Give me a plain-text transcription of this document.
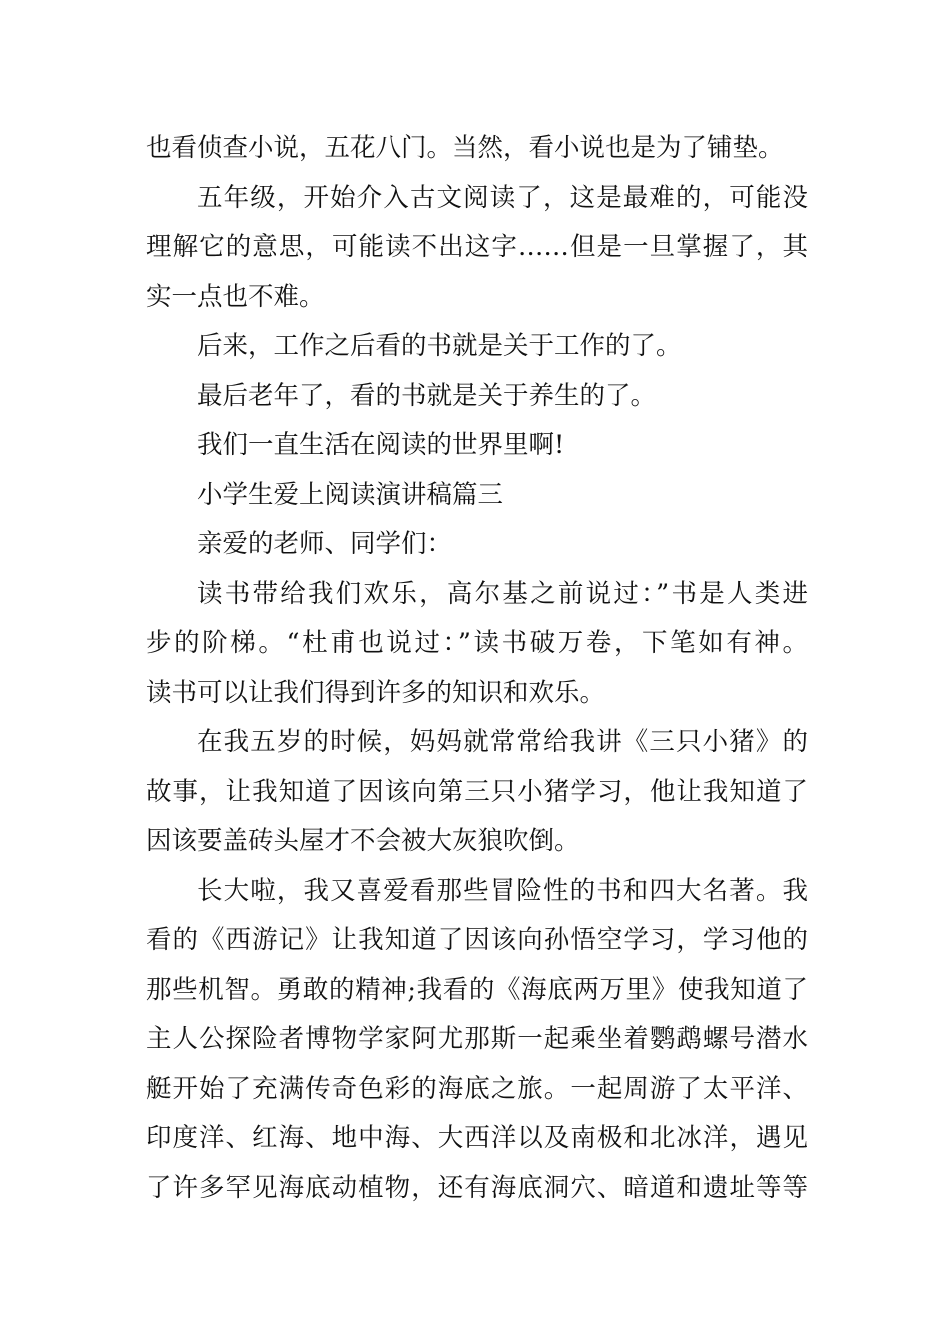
也看侦查小说，五花八门。当然，看小说也是为了铺垫。
五年级，开始介入古文阅读了，这是最难的，可能没
理解它的意思，可能读不出这字……但是一旦掌握了，其
实一点也不难。
后来，工作之后看的书就是关于工作的了。
最后老年了，看的书就是关于养生的了。
我们一直生活在阅读的世界里啊!
小学生爱上阅读演讲稿篇三
亲爱的老师、同学们：
读书带给我们欢乐，高尔基之前说过：”书是人类进
步的阶梯。“杜甫也说过：”读书破万卷，下笔如有神。
读书可以让我们得到许多的知识和欢乐。
在我五岁的时候，妈妈就常常给我讲《三只小猪》的
故事，让我知道了因该向第三只小猪学习，他让我知道了
因该要盖砖头屋才不会被大灰狼吹倒。
长大啦，我又喜爱看那些冒险性的书和四大名著。我
看的《西游记》让我知道了因该向孙悟空学习，学习他的
那些机智。勇敢的精神;我看的《海底两万里》使我知道了
主人公探险者博物学家阿尤那斯一起乘坐着鹦鹉螺号潜水
艇开始了充满传奇色彩的海底之旅。一起周游了太平洋、
印度洋、红海、地中海、大西洋以及南极和北冰洋，遇见
了许多罕见海底动植物，还有海底洞穴、暗道和遗址等等
